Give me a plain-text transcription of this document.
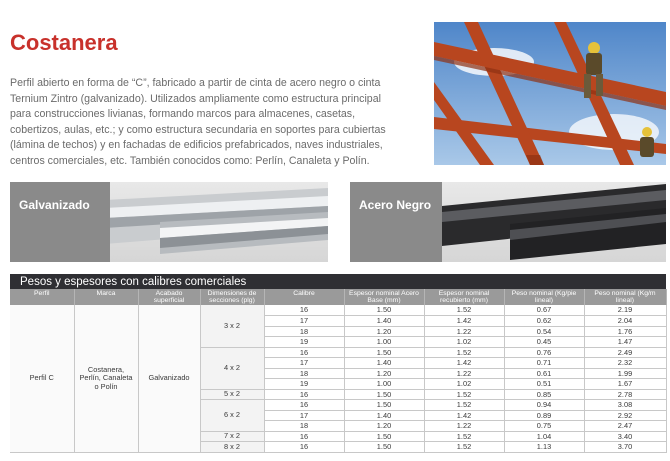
Costanera

Perfil abierto en forma de “C”, fabricado a partir de cinta de acero negro o cinta Ternium Zintro (galvanizado). Utilizados ampliamente como estructura principal para construcciones livianas, formando marcos para almacenes, casetas, cobertizos, aulas, etc.; y como estructura secundaria en soportes para cubiertas (lámina de techos) y en fachadas de edificios prefabricados, naves industriales, centros comerciales, etc. También conocidos como: Perlín, Canaleta y Polín.

Galvanizado	Acero Negro
Pesos y espesores con calibres comerciales
Perfil	Marca	Acabado superficial	Dimensiones de secciones (plg)	Calibre	Espesor nominal Acero Base (mm)	Espesor nominal recubierto (mm)	Peso nominal (Kg/pie lineal)	Peso nominal (Kg/m lineal)
Perfil C	Costanera, Perlín, Canaleta o Polín	Galvanizado	3 x 2	16	1.50	1.52	0.67	2.19
				17	1.40	1.42	0.62	2.04
				18	1.20	1.22	0.54	1.76
				19	1.00	1.02	0.45	1.47
			4 x 2	16	1.50	1.52	0.76	2.49
				17	1.40	1.42	0.71	2.32
				18	1.20	1.22	0.61	1.99
				19	1.00	1.02	0.51	1.67
			5 x 2	16	1.50	1.52	0.85	2.78
			6 x 2	16	1.50	1.52	0.94	3.08
				17	1.40	1.42	0.89	2.92
				18	1.20	1.22	0.75	2.47
			7 x 2	16	1.50	1.52	1.04	3.40
			8 x 2	16	1.50	1.52	1.13	3.70
